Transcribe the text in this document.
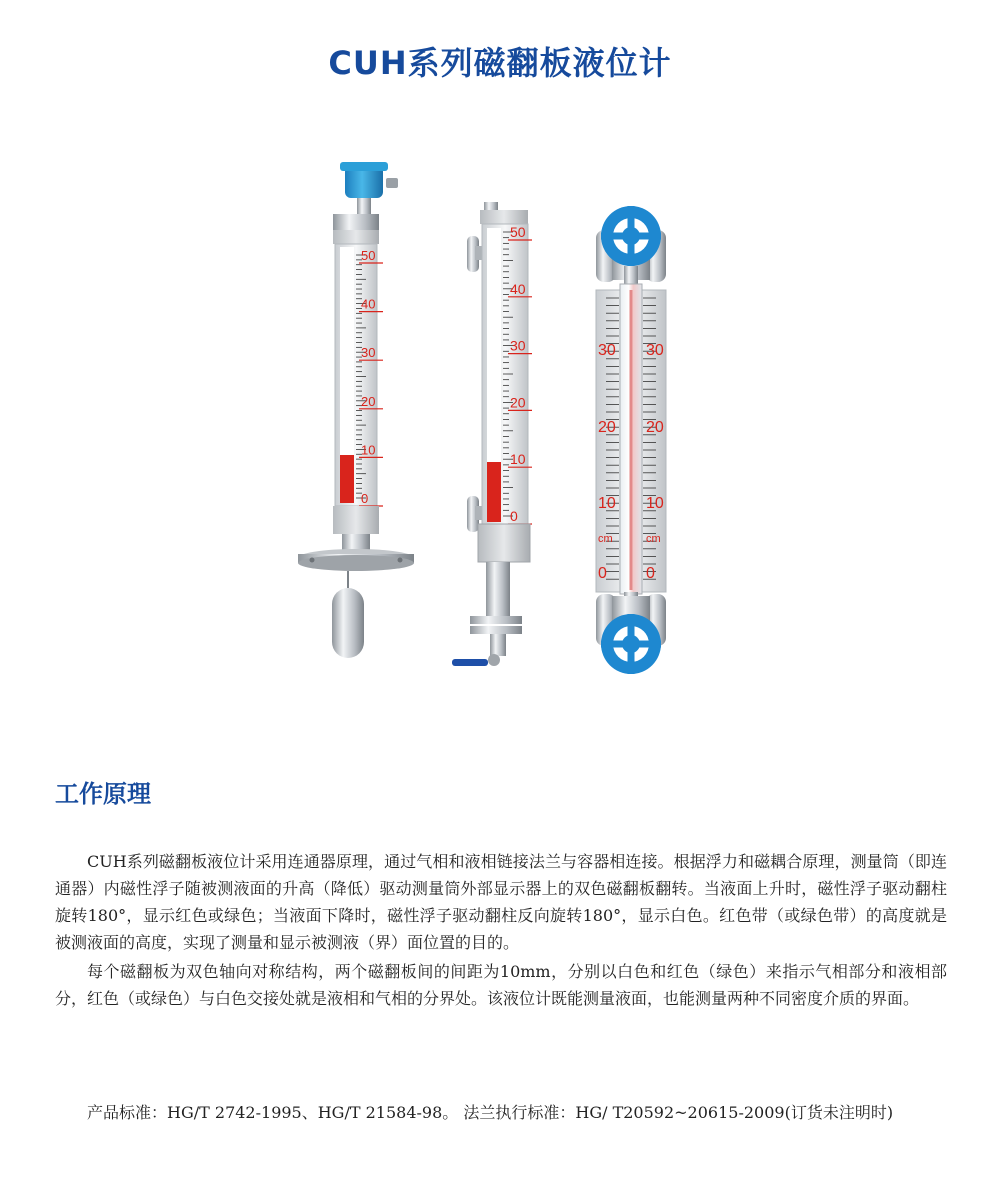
CUH系列磁翻板液位计
50
40
30
20
10
0
50
40
30
20
10
0
30 30
20 20
10 10
cm	cm
0 0
工作原理

CUH系列磁翻板液位计采用连通器原理，通过气相和液相链接法兰与容器相连接。根据浮力和磁耦合原理，测量筒（即连通器）内磁性浮子随被测液面的升高（降低）驱动测量筒外部显示器上的双色磁翻板翻转。当液面上升时，磁性浮子驱动翻柱旋转180°，显示红色或绿色；当液面下降时，磁性浮子驱动翻柱反向旋转180°，显示白色。红色带（或绿色带）的高度就是被测液面的高度，实现了测量和显示被测液（界）面位置的目的。

每个磁翻板为双色轴向对称结构，两个磁翻板间的间距为10mm，分别以白色和红色（绿色）来指示气相部分和液相部分，红色（或绿色）与白色交接处就是液相和气相的分界处。该液位计既能测量液面，也能测量两种不同密度介质的界面。

产品标准：HG/T 2742-1995、HG/T 21584-98。 法兰执行标准：HG/ T20592~20615-2009(订货未注明时)
